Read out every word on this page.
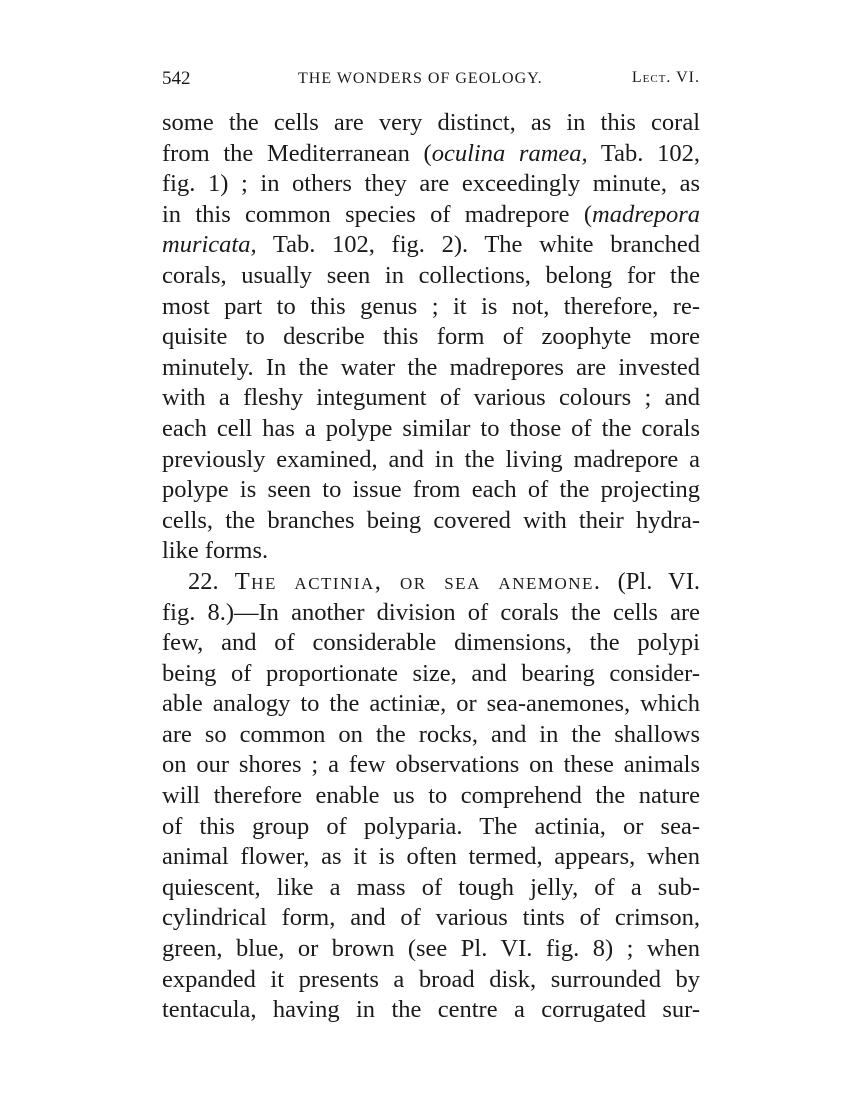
542	THE WONDERS OF GEOLOGY.	Lect. VI.
some the cells are very distinct, as in this coral
from the Mediterranean (oculina ramea, Tab. 102,
fig. 1) ; in others they are exceedingly minute, as
in this common species of madrepore (madrepora
muricata, Tab. 102, fig. 2). The white branched
corals, usually seen in collections, belong for the
most part to this genus ; it is not, therefore, re-
quisite to describe this form of zoophyte more
minutely. In the water the madrepores are invested
with a fleshy integument of various colours ; and
each cell has a polype similar to those of the corals
previously examined, and in the living madrepore a
polype is seen to issue from each of the projecting
cells, the branches being covered with their hydra-
like forms.
22. The actinia, or sea anemone. (Pl. VI.
fig. 8.)—In another division of corals the cells are
few, and of considerable dimensions, the polypi
being of proportionate size, and bearing consider-
able analogy to the actiniæ, or sea-anemones, which
are so common on the rocks, and in the shallows
on our shores ; a few observations on these animals
will therefore enable us to comprehend the nature
of this group of polyparia. The actinia, or sea-
animal flower, as it is often termed, appears, when
quiescent, like a mass of tough jelly, of a sub-
cylindrical form, and of various tints of crimson,
green, blue, or brown (see Pl. VI. fig. 8) ; when
expanded it presents a broad disk, surrounded by
tentacula, having in the centre a corrugated sur-
